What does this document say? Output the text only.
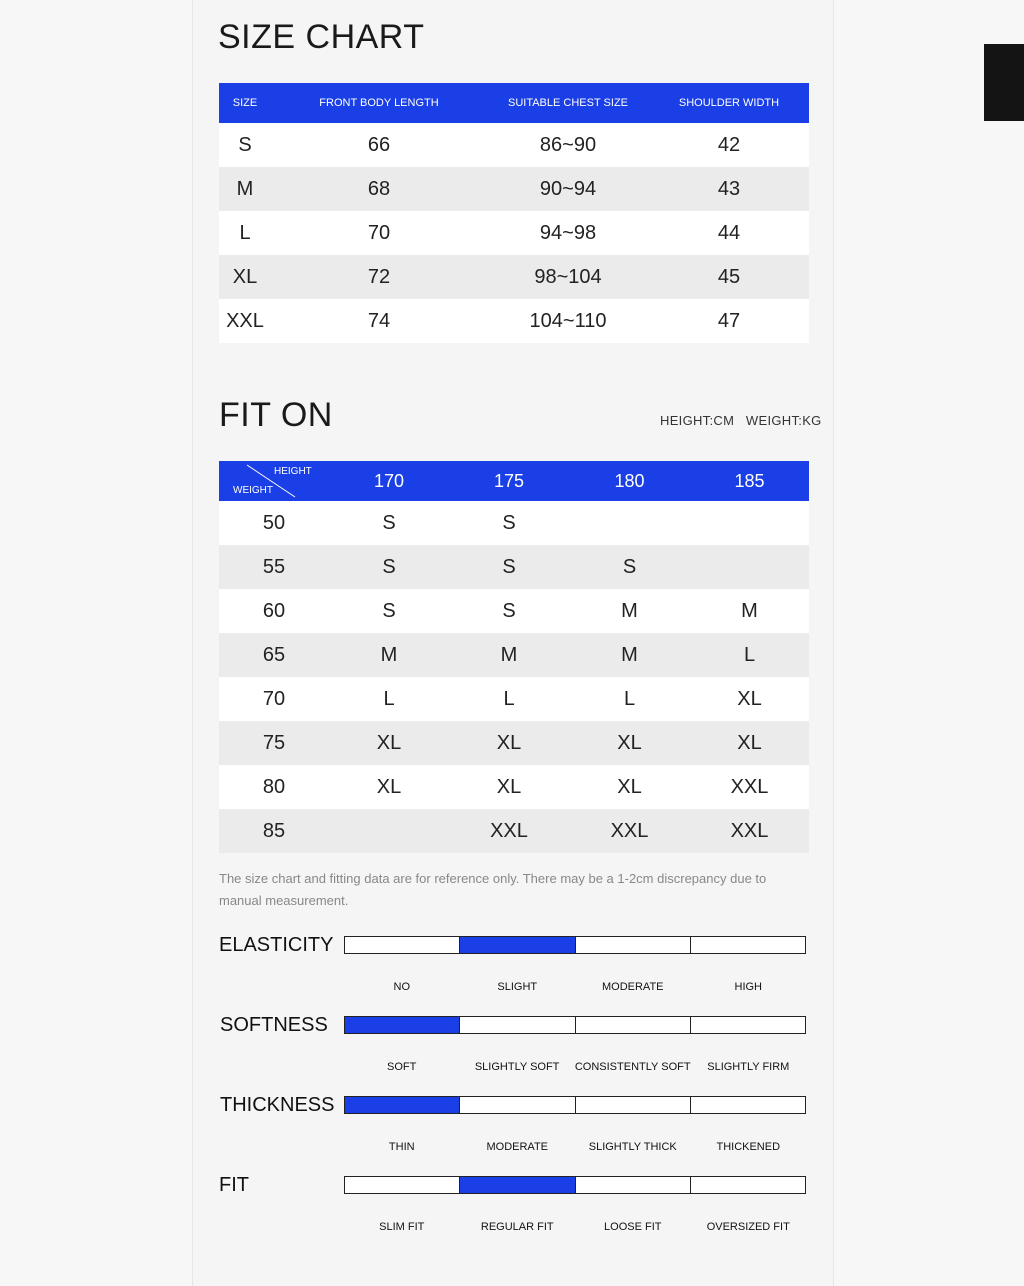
SIZE CHART
SIZE	FRONT BODY LENGTH	SUITABLE CHEST SIZE	SHOULDER WIDTH
S	66	86~90	42
M	68	90~94	43
L	70	94~98	44
XL	72	98~104	45
XXL	74	104~110	47
FIT ON	HEIGHT:CM   WEIGHT:KG
HEIGHT
WEIGHT	170	175	180	185
50	S	S		
55	S	S	S	
60	S	S	M	M
65	M	M	M	L
70	L	L	L	XL
75	XL	XL	XL	XL
80	XL	XL	XL	XXL
85		XXL	XXL	XXL
The size chart and fitting data are for reference only. There may be a 1-2cm discrepancy due to manual measurement.
ELASTICITY
NO	SLIGHT	MODERATE	HIGH
SOFTNESS
SOFT	SLIGHTLY SOFT	CONSISTENTLY SOFT	SLIGHTLY FIRM
THICKNESS
THIN	MODERATE	SLIGHTLY THICK	THICKENED
FIT
SLIM FIT	REGULAR FIT	LOOSE FIT	OVERSIZED FIT
